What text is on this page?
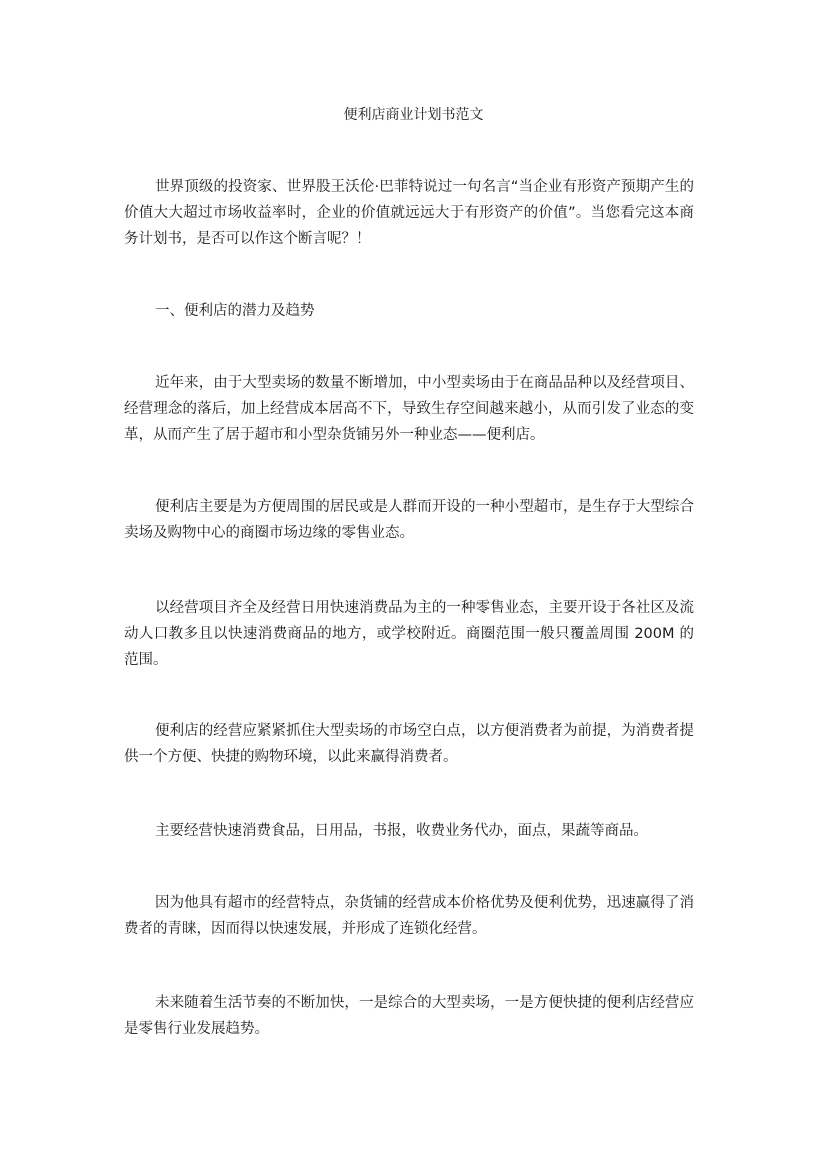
便利店商业计划书范文

世界顶级的投资家、世界股王沃伦·巴菲特说过一句名言“当企业有形资产预期产生的价值大大超过市场收益率时，企业的价值就远远大于有形资产的价值”。当您看完这本商务计划书，是否可以作这个断言呢？！

一、便利店的潜力及趋势

近年来，由于大型卖场的数量不断增加，中小型卖场由于在商品品种以及经营项目、经营理念的落后，加上经营成本居高不下，导致生存空间越来越小，从而引发了业态的变革，从而产生了居于超市和小型杂货铺另外一种业态——便利店。

便利店主要是为方便周围的居民或是人群而开设的一种小型超市，是生存于大型综合卖场及购物中心的商圈市场边缘的零售业态。

以经营项目齐全及经营日用快速消费品为主的一种零售业态，主要开设于各社区及流动人口教多且以快速消费商品的地方，或学校附近。商圈范围一般只覆盖周围 200M 的范围。

便利店的经营应紧紧抓住大型卖场的市场空白点，以方便消费者为前提，为消费者提供一个方便、快捷的购物环境，以此来赢得消费者。

主要经营快速消费食品，日用品，书报，收费业务代办，面点，果蔬等商品。

因为他具有超市的经营特点，杂货铺的经营成本价格优势及便利优势，迅速赢得了消费者的青睐，因而得以快速发展，并形成了连锁化经营。

未来随着生活节奏的不断加快，一是综合的大型卖场，一是方便快捷的便利店经营应是零售行业发展趋势。
